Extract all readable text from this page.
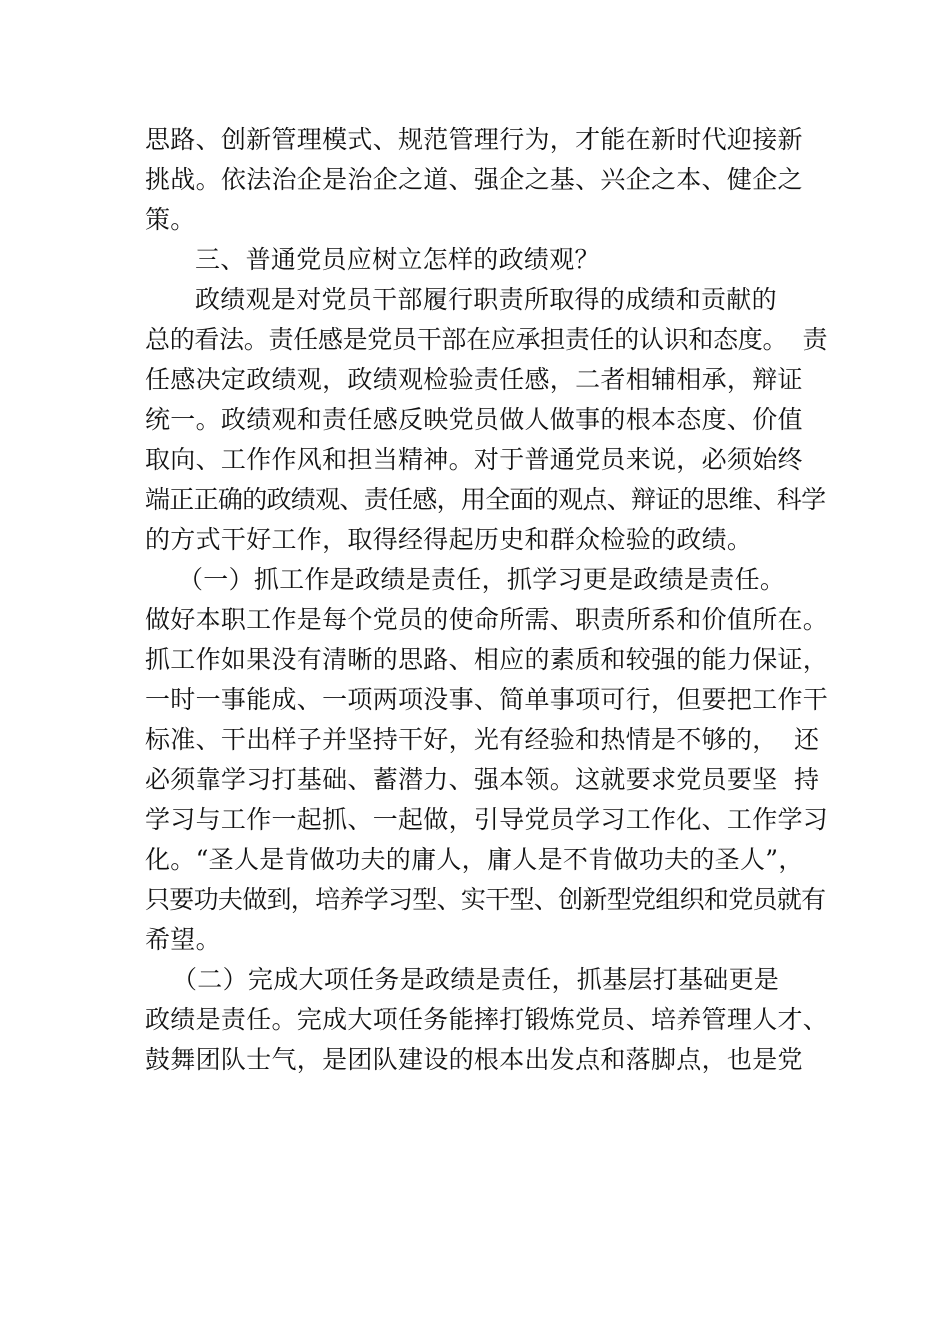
思路、创新管理模式、规范管理行为，才能在新时代迎接新
挑战。依法治企是治企之道、强企之基、兴企之本、健企之
策。
三、普通党员应树立怎样的政绩观？
政绩观是对党员干部履行职责所取得的成绩和贡献的
总的看法。责任感是党员干部在应承担责任的认识和态度。  责
任感决定政绩观，政绩观检验责任感，二者相辅相承，辩证
统一。政绩观和责任感反映党员做人做事的根本态度、价值
取向、工作作风和担当精神。对于普通党员来说，必须始终
端正正确的政绩观、责任感，用全面的观点、辩证的思维、科学
的方式干好工作，取得经得起历史和群众检验的政绩。
（一）抓工作是政绩是责任，抓学习更是政绩是责任。
做好本职工作是每个党员的使命所需、职责所系和价值所在。
抓工作如果没有清晰的思路、相应的素质和较强的能力保证，
一时一事能成、一项两项没事、简单事项可行，但要把工作干
标准、干出样子并坚持干好，光有经验和热情是不够的，  还
必须靠学习打基础、蓄潜力、强本领。这就要求党员要坚  持
学习与工作一起抓、一起做，引导党员学习工作化、工作学习
化。“圣人是肯做功夫的庸人，庸人是不肯做功夫的圣人”，
只要功夫做到，培养学习型、实干型、创新型党组织和党员就有
希望。
（二）完成大项任务是政绩是责任，抓基层打基础更是
政绩是责任。完成大项任务能摔打锻炼党员、培养管理人才、
鼓舞团队士气，是团队建设的根本出发点和落脚点，也是党
